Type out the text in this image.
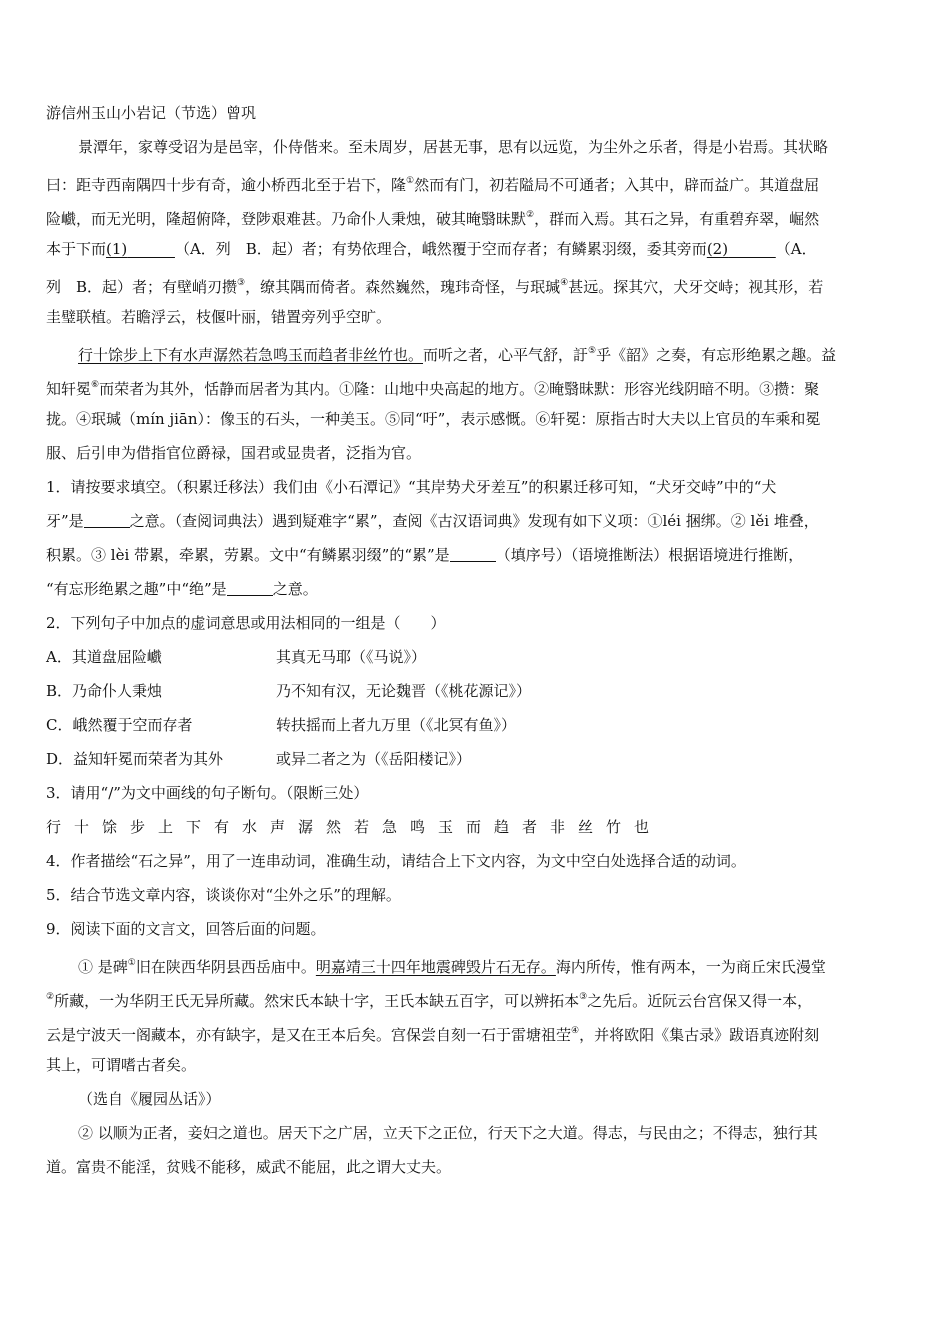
游信州玉山小岩记（节选）曾巩
景潭年，家尊受诏为是邑宰，仆侍偕来。至未周岁，居甚无事，思有以远览，为尘外之乐者，得是小岩焉。其状略
曰：距寺西南隅四十步有奇，逾小桥西北至于岩下，隆①然而有门，初若隘局不可通者；入其中，辟而益广。其道盘屈
险巇，而无光明，隆超俯降，登陟艰难甚。乃命仆人秉烛，破其晻翳昧默②，群而入焉。其石之异，有重碧弃翠，崛然
本于下而(1)	（A．列　B．起）者；有势依理合，峨然覆于空而存者；有鳞累羽缀，委其旁而(2)	（A．
列　B．起）者；有壁峭刃攒③，缭其隅而倚者。森然巍然，瑰玮奇怪，与珉瑊④甚远。探其穴，犬牙交峙；视其形，若
圭璧联植。若瞻浮云，枝偃叶丽，错置旁列乎空旷。
行十馀步上下有水声潺然若急鸣玉而趋者非丝竹也。而听之者，心平气舒，訏⑤乎《韶》之奏，有忘形绝累之趣。益
知轩冕⑥而荣者为其外，恬静而居者为其内。①隆：山地中央高起的地方。②晻翳昧默：形容光线阴暗不明。③攒：聚
拢。④珉瑊（mín jiān）：像玉的石头，一种美玉。⑤同“吁”，表示感慨。⑥轩冕：原指古时大夫以上官员的车乘和冕
服、后引申为借指官位爵禄，国君或显贵者，泛指为官。
1．请按要求填空。（积累迁移法）我们由《小石潭记》“其岸势犬牙差互”的积累迁移可知，“犬牙交峙”中的“犬
牙”是	之意。（查阅词典法）遇到疑难字“累”，查阅《古汉语词典》发现有如下义项：①léi 捆绑。② lěi 堆叠，
积累。③ lèi 带累，牵累，劳累。文中“有鳞累羽缀”的“累”是	（填序号）（语境推断法）根据语境进行推断，
“有忘形绝累之趣”中“绝”是	之意。
2．下列句子中加点的虚词意思或用法相同的一组是（　　）
A．其道盘屈险巇	其真无马耶（《马说》）
B．乃命仆人秉烛	乃不知有汉，无论魏晋（《桃花源记》）
C．峨然覆于空而存者	转扶摇而上者九万里（《北冥有鱼》）
D．益知轩冕而荣者为其外	或异二者之为（《岳阳楼记》）
3．请用“/”为文中画线的句子断句。（限断三处）
行十馀步上下有水声潺然若急鸣玉而趋者非丝竹也
4．作者描绘“石之异”，用了一连串动词，准确生动，请结合上下文内容，为文中空白处选择合适的动词。
5．结合节选文章内容，谈谈你对“尘外之乐”的理解。
9．阅读下面的文言文，回答后面的问题。
① 是碑①旧在陕西华阴县西岳庙中。明嘉靖三十四年地震碑毁片石无存。海内所传，惟有两本，一为商丘宋氏漫堂
②所藏，一为华阴王氏无异所藏。然宋氏本缺十字，王氏本缺五百字，可以辨拓本③之先后。近阮云台宫保又得一本，
云是宁波天一阁藏本，亦有缺字，是又在王本后矣。宫保尝自刻一石于雷塘祖茔④，并将欧阳《集古录》跋语真迹附刻
其上，可谓嗜古者矣。
（选自《履园丛话》）
② 以顺为正者，妾妇之道也。居天下之广居，立天下之正位，行天下之大道。得志，与民由之；不得志，独行其
道。富贵不能淫，贫贱不能移，威武不能屈，此之谓大丈夫。
